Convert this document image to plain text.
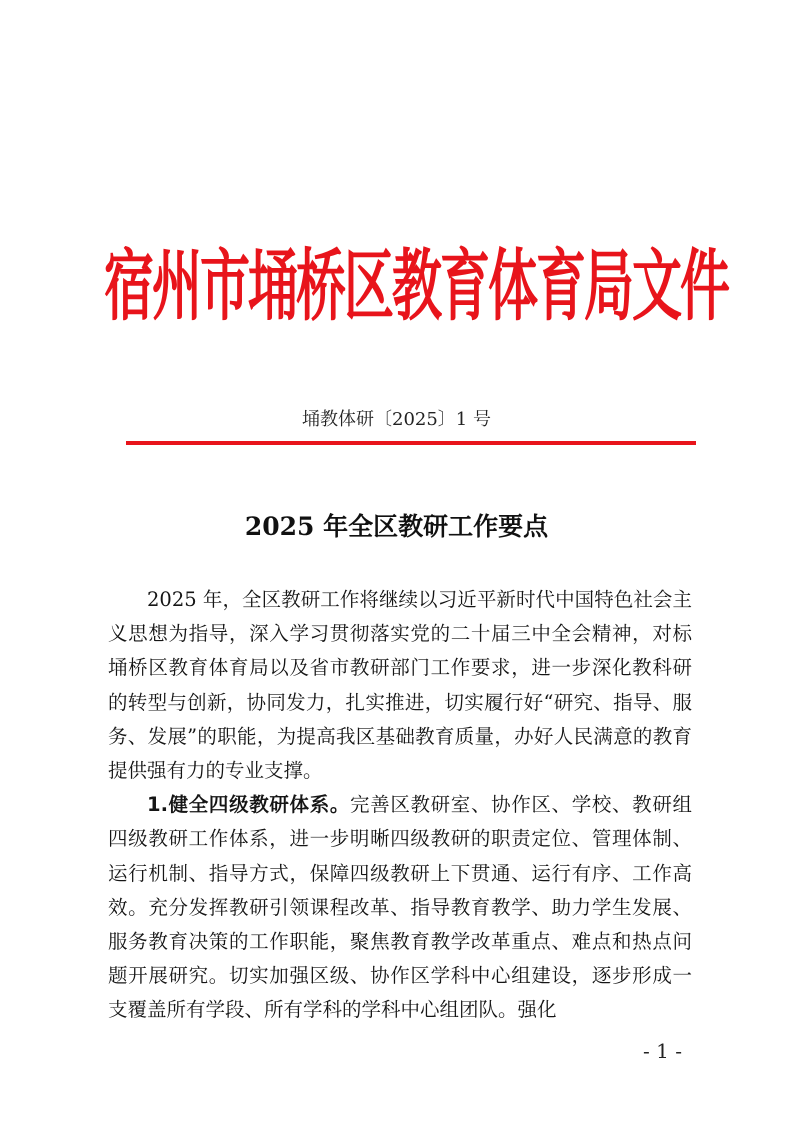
宿州市埇桥区教育体育局文件
埇教体研〔2025〕1 号
2025 年全区教研工作要点

2025 年，全区教研工作将继续以习近平新时代中国特色社会主义思想为指导，深入学习贯彻落实党的二十届三中全会精神，对标埇桥区教育体育局以及省市教研部门工作要求，进一步深化教科研的转型与创新，协同发力，扎实推进，切实履行好“研究、指导、服务、发展”的职能，为提高我区基础教育质量，办好人民满意的教育提供强有力的专业支撑。

1.健全四级教研体系。完善区教研室、协作区、学校、教研组四级教研工作体系，进一步明晰四级教研的职责定位、管理体制、运行机制、指导方式，保障四级教研上下贯通、运行有序、工作高效。充分发挥教研引领课程改革、指导教育教学、助力学生发展、服务教育决策的工作职能，聚焦教育教学改革重点、难点和热点问题开展研究。切实加强区级、协作区学科中心组建设，逐步形成一支覆盖所有学段、所有学科的学科中心组团队。强化

- 1 -
